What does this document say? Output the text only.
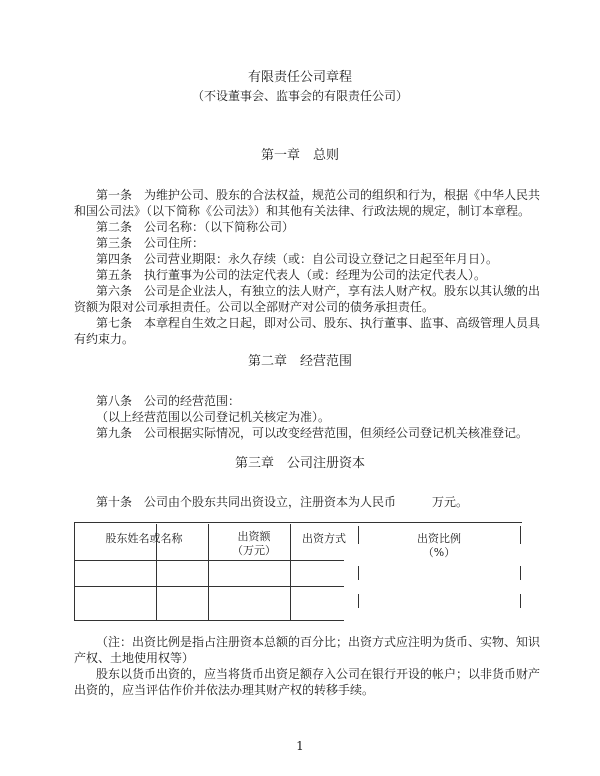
有限责任公司章程
（不设董事会、监事会的有限责任公司）
第一章　总则
第一条　为维护公司、股东的合法权益，规范公司的组织和行为，根据《中华人民共
和国公司法》（以下简称《公司法》）和其他有关法律、行政法规的规定，制订本章程。
第二条　公司名称：（以下简称公司）
第三条　公司住所：
第四条　公司营业期限：永久存续（或：自公司设立登记之日起至年月日）。
第五条　执行董事为公司的法定代表人（或：经理为公司的法定代表人）。
第六条　公司是企业法人，有独立的法人财产，享有法人财产权。股东以其认缴的出
资额为限对公司承担责任。公司以全部财产对公司的债务承担责任。
第七条　本章程自生效之日起，即对公司、股东、执行董事、监事、高级管理人员具
有约束力。
第二章　经营范围
第八条　公司的经营范围：
（以上经营范围以公司登记机关核定为准）。
第九条　公司根据实际情况，可以改变经营范围，但须经公司登记机关核准登记。
第三章　公司注册资本
第十条　公司由个股东共同出资设立，注册资本为人民币　　　万元。
股东姓名或名称	出资额
（万元）
出资方式	出资比例
（%）
（注：出资比例是指占注册资本总额的百分比；出资方式应注明为货币、实物、知识
产权、土地使用权等）
股东以货币出资的，应当将货币出资足额存入公司在银行开设的帐户；以非货币财产
出资的，应当评估作价并依法办理其财产权的转移手续。
1
